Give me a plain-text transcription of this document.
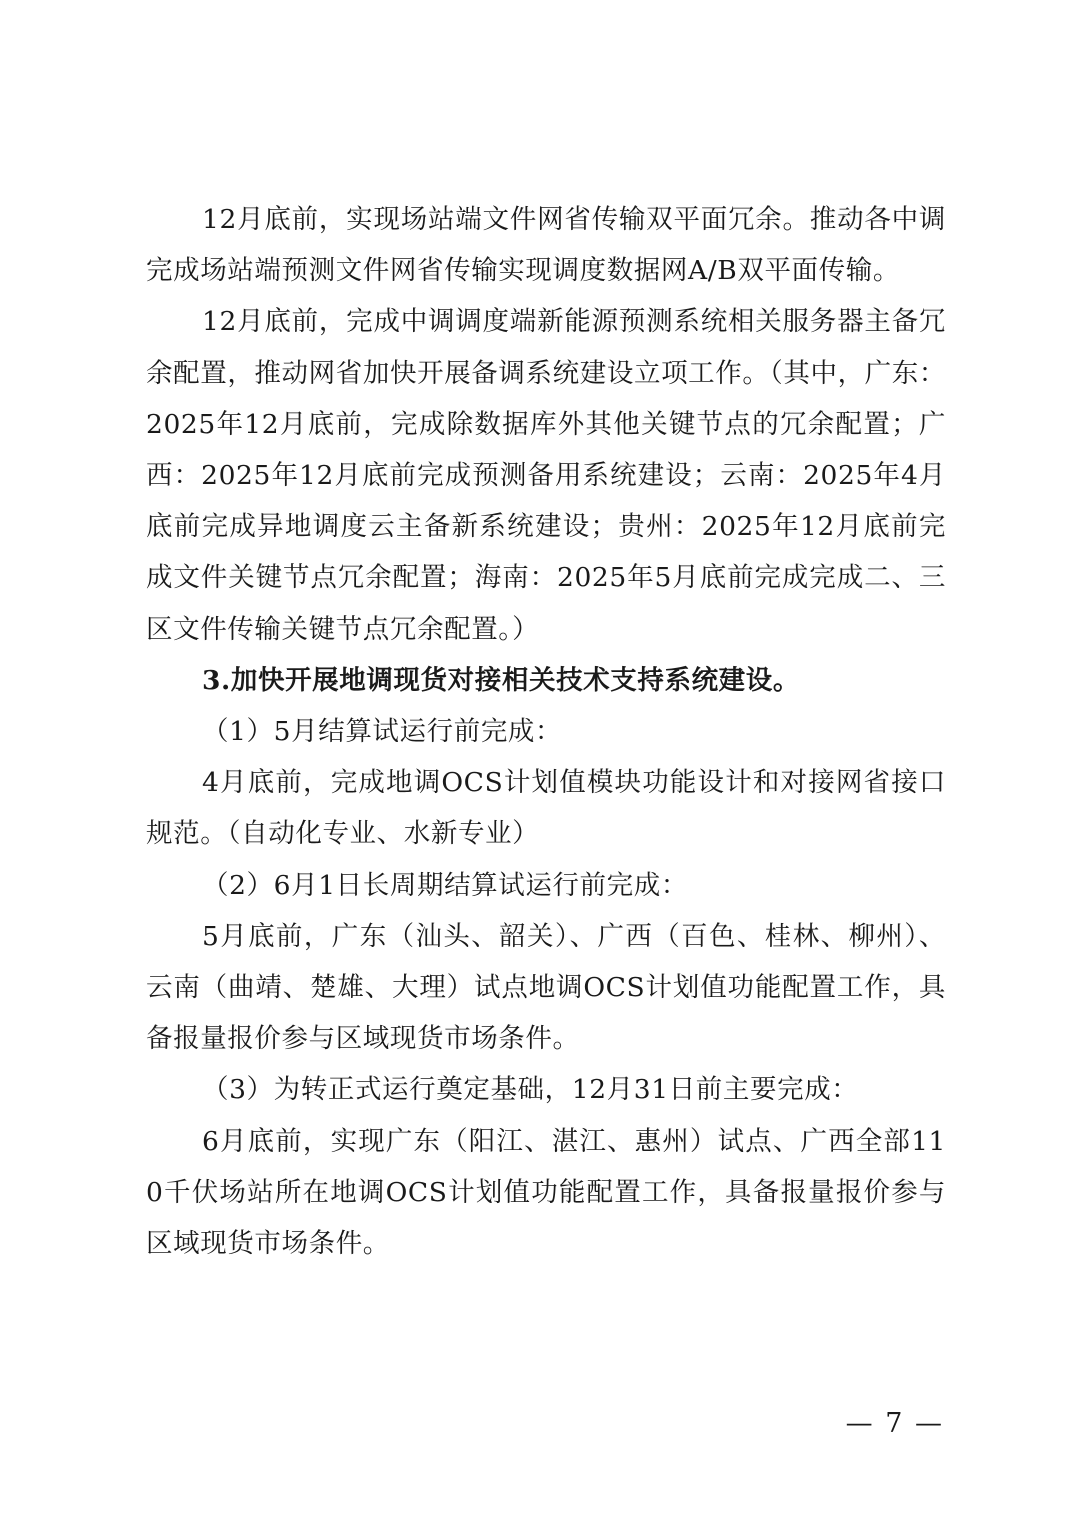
12月底前，实现场站端文件网省传输双平面冗余。推动各中调完成场站端预测文件网省传输实现调度数据网A/B双平面传输。

12月底前，完成中调调度端新能源预测系统相关服务器主备冗余配置，推动网省加快开展备调系统建设立项工作。（其中，广东：2025年12月底前，完成除数据库外其他关键节点的冗余配置；广西：2025年12月底前完成预测备用系统建设；云南：2025年4月底前完成异地调度云主备新系统建设；贵州：2025年12月底前完成文件关键节点冗余配置；海南：2025年5月底前完成完成二、三区文件传输关键节点冗余配置。）

3.加快开展地调现货对接相关技术支持系统建设。

（1）5月结算试运行前完成：

4月底前，完成地调OCS计划值模块功能设计和对接网省接口规范。（自动化专业、水新专业）

（2）6月1日长周期结算试运行前完成：

5月底前，广东（汕头、韶关）、广西（百色、桂林、柳州）、云南（曲靖、楚雄、大理）试点地调OCS计划值功能配置工作，具备报量报价参与区域现货市场条件。

（3）为转正式运行奠定基础，12月31日前主要完成：

6月底前，实现广东（阳江、湛江、惠州）试点、广西全部110千伏场站所在地调OCS计划值功能配置工作，具备报量报价参与区域现货市场条件。

— 7 —
